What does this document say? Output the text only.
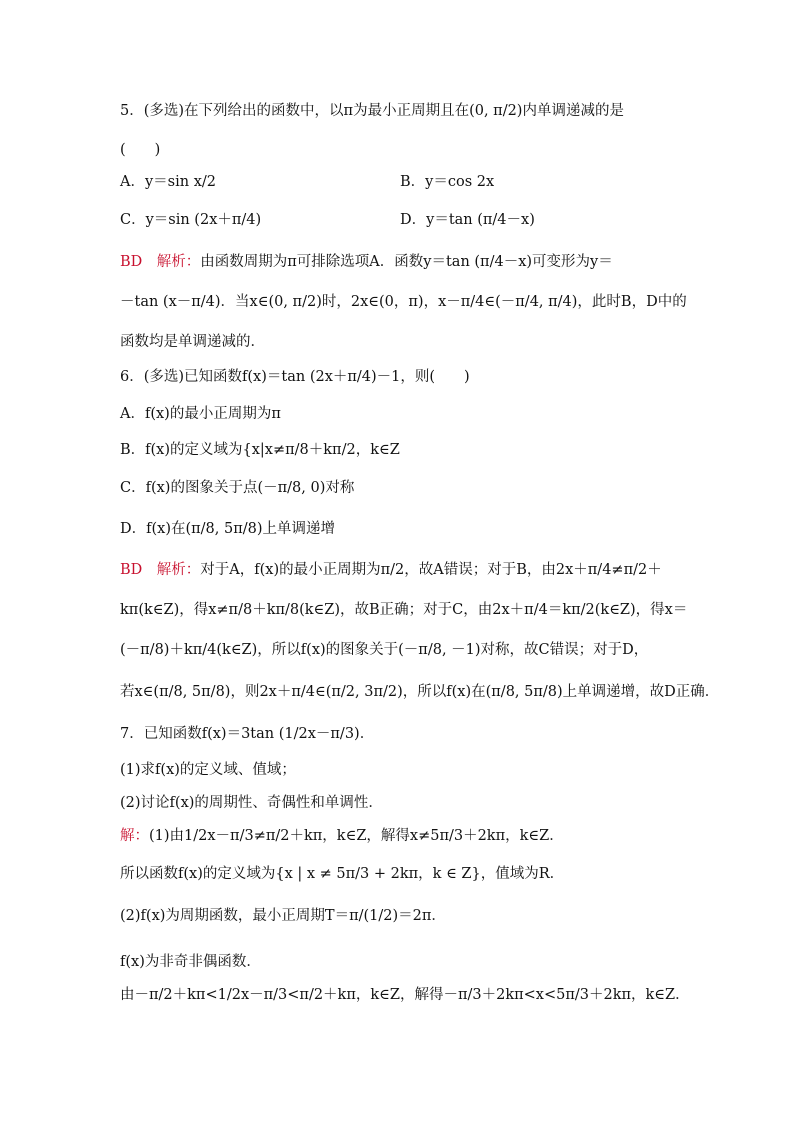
5．(多选)在下列给出的函数中，以π为最小正周期且在(0, π/2)内单调递减的是
(　　)
A．y＝sin x/2	B．y＝cos 2x
C．y＝sin (2x＋π/4)	D．y＝tan (π/4－x)
BD　 解析：由函数周期为π可排除选项A．函数y＝tan (π/4－x)可变形为y＝
－tan (x－π/4)．当x∈(0, π/2)时，2x∈(0，π)，x－π/4∈(－π/4, π/4)，此时B，D中的
函数均是单调递减的．
6．(多选)已知函数f(x)＝tan (2x＋π/4)－1，则(　　)
A．f(x)的最小正周期为π
B．f(x)的定义域为{x|x≠π/8＋kπ/2，k∈Z
C．f(x)的图象关于点(－π/8, 0)对称
D．f(x)在(π/8, 5π/8)上单调递增
BD　 解析：对于A，f(x)的最小正周期为π/2，故A错误；对于B，由2x＋π/4≠π/2＋
kπ(k∈Z)，得x≠π/8＋kπ/8(k∈Z)，故B正确；对于C，由2x＋π/4＝kπ/2(k∈Z)，得x＝
(－π/8)＋kπ/4(k∈Z)，所以f(x)的图象关于(－π/8, －1)对称，故C错误；对于D，
若x∈(π/8, 5π/8)，则2x＋π/4∈(π/2, 3π/2)，所以f(x)在(π/8, 5π/8)上单调递增，故D正确．
7．已知函数f(x)＝3tan (1/2x－π/3)．
(1)求f(x)的定义域、值域；
(2)讨论f(x)的周期性、奇偶性和单调性．
解：(1)由1/2x－π/3≠π/2＋kπ，k∈Z，解得x≠5π/3＋2kπ，k∈Z．
所以函数f(x)的定义域为{x | x ≠ 5π/3 + 2kπ，k ∈ Z}，值域为R．
(2)f(x)为周期函数，最小正周期T＝π/(1/2)＝2π．
f(x)为非奇非偶函数．
由－π/2＋kπ<1/2x－π/3<π/2＋kπ，k∈Z，解得－π/3＋2kπ<x<5π/3＋2kπ，k∈Z．
